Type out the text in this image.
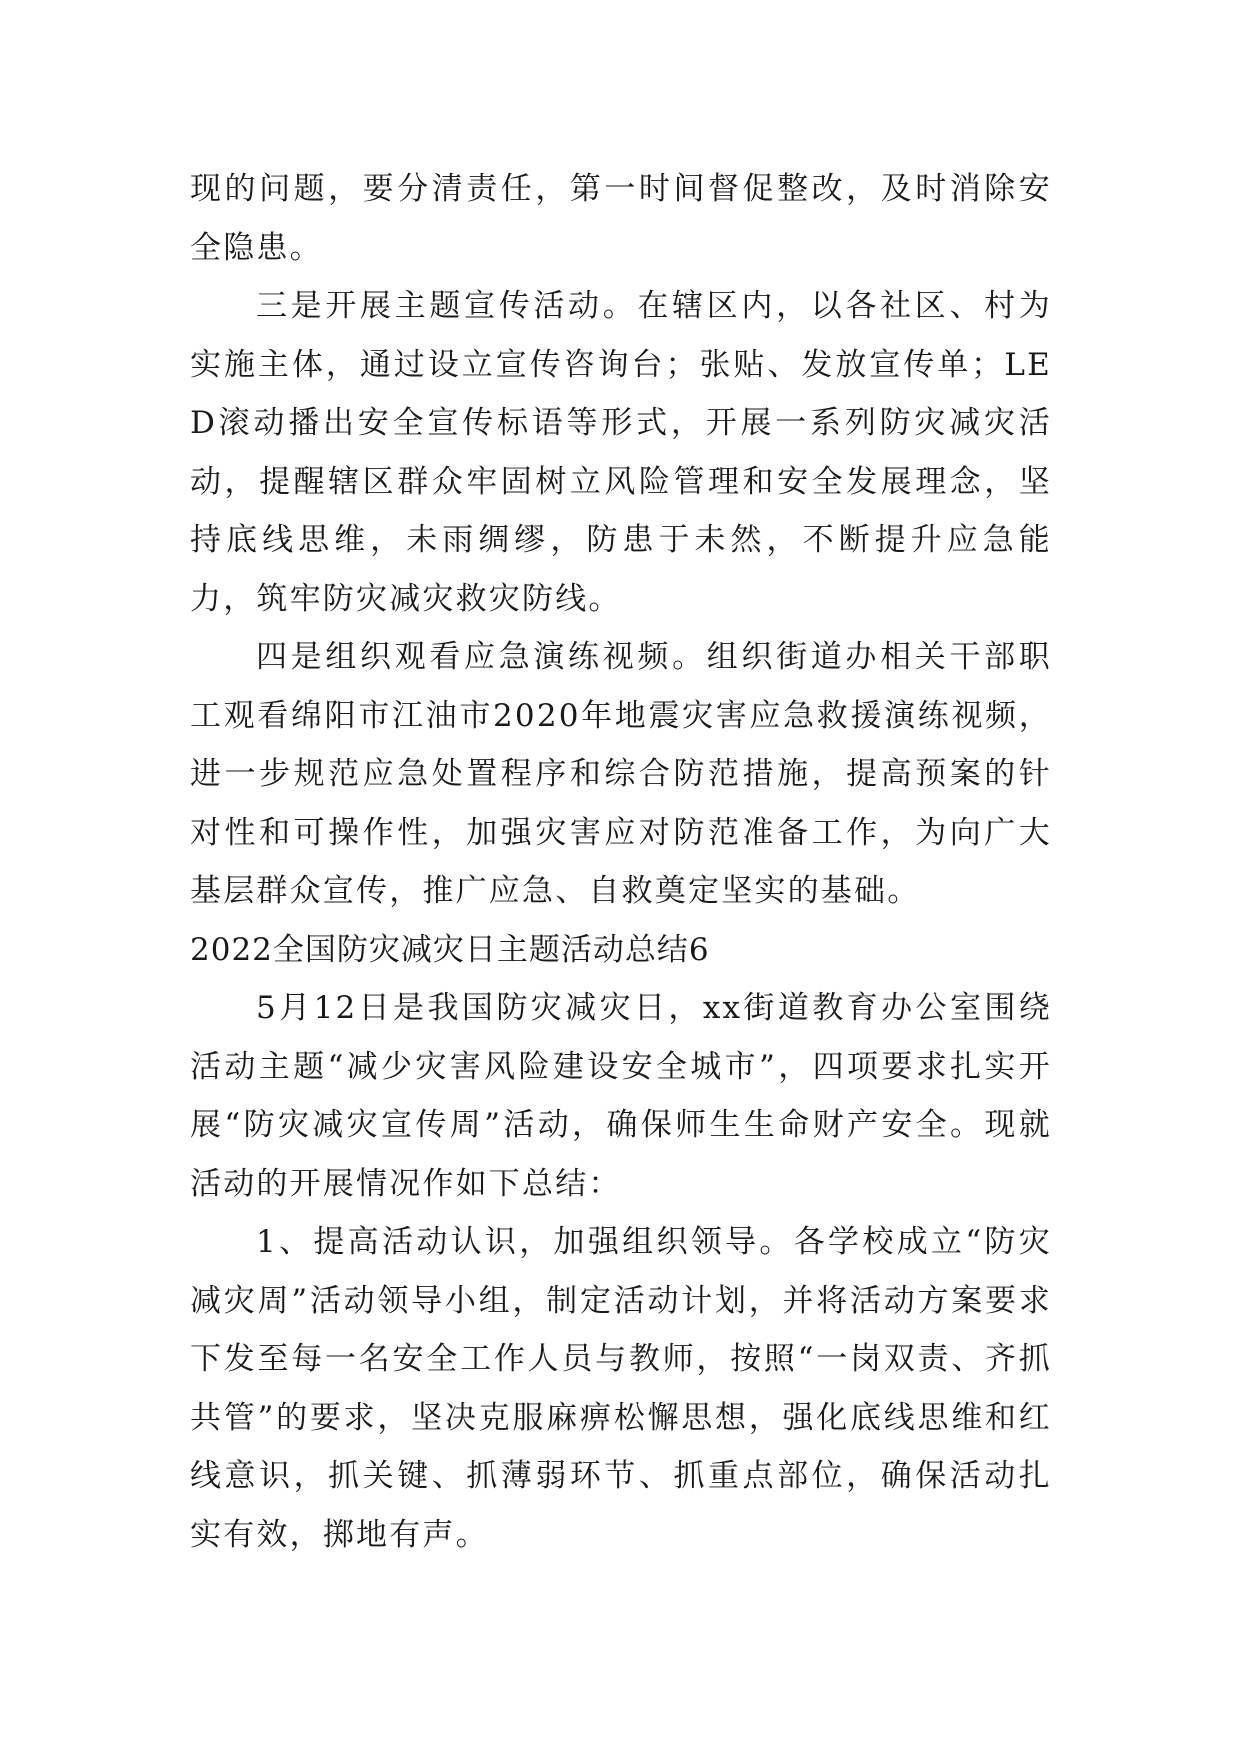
现的问题，要分清责任，第一时间督促整改，及时消除安全隐患。

三是开展主题宣传活动。在辖区内，以各社区、村为实施主体，通过设立宣传咨询台；张贴、发放宣传单；LED滚动播出安全宣传标语等形式，开展一系列防灾减灾活动，提醒辖区群众牢固树立风险管理和安全发展理念，坚持底线思维，未雨绸缪，防患于未然，不断提升应急能力，筑牢防灾减灾救灾防线。

四是组织观看应急演练视频。组织街道办相关干部职工观看绵阳市江油市2020年地震灾害应急救援演练视频，进一步规范应急处置程序和综合防范措施，提高预案的针对性和可操作性，加强灾害应对防范准备工作，为向广大基层群众宣传，推广应急、自救奠定坚实的基础。

2022全国防灾减灾日主题活动总结6

5月12日是我国防灾减灾日，xx街道教育办公室围绕活动主题“减少灾害风险建设安全城市”，四项要求扎实开展“防灾减灾宣传周”活动，确保师生生命财产安全。现就活动的开展情况作如下总结：

1、提高活动认识，加强组织领导。各学校成立“防灾减灾周”活动领导小组，制定活动计划，并将活动方案要求下发至每一名安全工作人员与教师，按照“一岗双责、齐抓共管”的要求，坚决克服麻痹松懈思想，强化底线思维和红线意识，抓关键、抓薄弱环节、抓重点部位，确保活动扎实有效，掷地有声。
